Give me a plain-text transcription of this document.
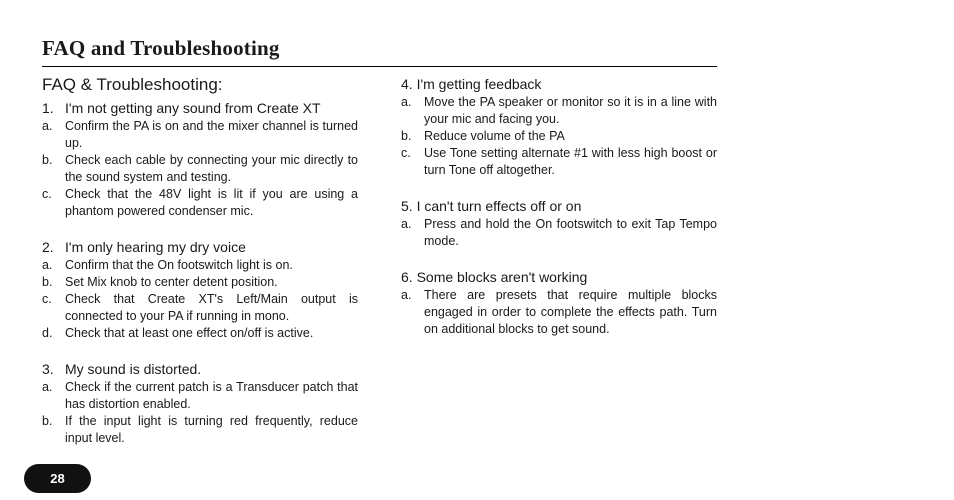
FAQ and Troubleshooting
FAQ & Troubleshooting:
1. I'm not getting any sound from Create XT
a.	Confirm the PA is on and the mixer channel is turned up.
b.	Check each cable by connecting your mic directly to the sound system and testing.
c.	Check that the 48V light is lit if you are using a phantom powered condenser mic.
2. I'm only hearing my dry voice
a.	Confirm that the On footswitch light is on.
b.	Set Mix knob to center detent position.
c.	Check that Create XT's Left/Main output is connected to your PA if running in mono.
d.	Check that at least one effect on/off is active.
3. My sound is distorted.
a.	Check if the current patch is a Transducer patch that has distortion enabled.
b.	If the input light is turning red frequently, reduce input level.
4. I'm getting feedback
a.	Move the PA speaker or monitor so it is in a line with your mic and facing you.
b.	Reduce volume of the PA
c.	Use Tone setting alternate #1 with less high boost or turn Tone off altogether.
5. I can't turn effects off or on
a.	Press and hold the On footswitch to exit Tap Tempo mode.
6. Some blocks aren't working
a.	There are presets that require multiple blocks engaged in order to complete the effects path. Turn on additional blocks to get sound.
28
